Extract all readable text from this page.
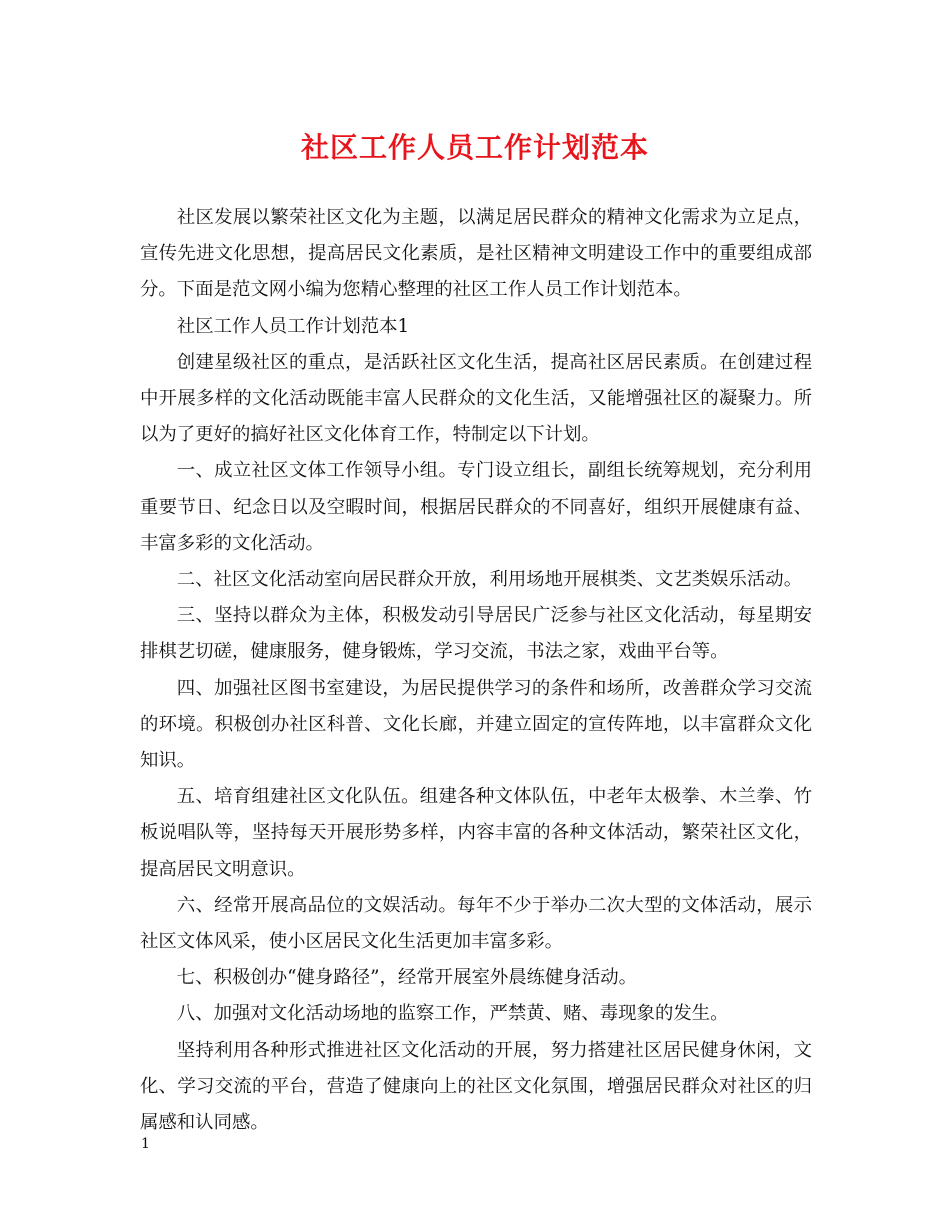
社区工作人员工作计划范本

社区发展以繁荣社区文化为主题，以满足居民群众的精神文化需求为立足点，宣传先进文化思想，提高居民文化素质，是社区精神文明建设工作中的重要组成部分。下面是范文网小编为您精心整理的社区工作人员工作计划范本。

社区工作人员工作计划范本1

创建星级社区的重点，是活跃社区文化生活，提高社区居民素质。在创建过程中开展多样的文化活动既能丰富人民群众的文化生活，又能增强社区的凝聚力。所以为了更好的搞好社区文化体育工作，特制定以下计划。

一、成立社区文体工作领导小组。专门设立组长，副组长统筹规划，充分利用重要节日、纪念日以及空暇时间，根据居民群众的不同喜好，组织开展健康有益、丰富多彩的文化活动。

二、社区文化活动室向居民群众开放，利用场地开展棋类、文艺类娱乐活动。

三、坚持以群众为主体，积极发动引导居民广泛参与社区文化活动，每星期安排棋艺切磋，健康服务，健身锻炼，学习交流，书法之家，戏曲平台等。

四、加强社区图书室建设，为居民提供学习的条件和场所，改善群众学习交流的环境。积极创办社区科普、文化长廊，并建立固定的宣传阵地，以丰富群众文化知识。

五、培育组建社区文化队伍。组建各种文体队伍，中老年太极拳、木兰拳、竹板说唱队等，坚持每天开展形势多样，内容丰富的各种文体活动，繁荣社区文化，提高居民文明意识。

六、经常开展高品位的文娱活动。每年不少于举办二次大型的文体活动，展示社区文体风采，使小区居民文化生活更加丰富多彩。

七、积极创办“健身路径”，经常开展室外晨练健身活动。

八、加强对文化活动场地的监察工作，严禁黄、赌、毒现象的发生。

坚持利用各种形式推进社区文化活动的开展，努力搭建社区居民健身休闲，文化、学习交流的平台，营造了健康向上的社区文化氛围，增强居民群众对社区的归属感和认同感。

1
